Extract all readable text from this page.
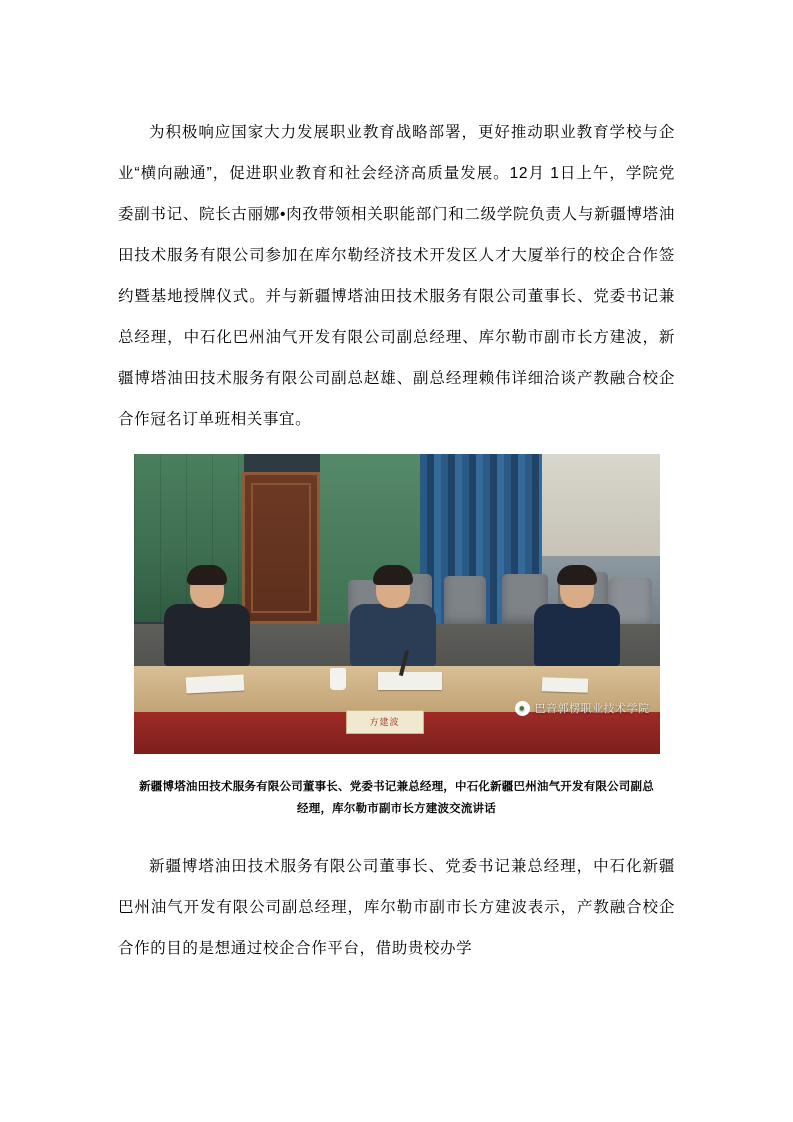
为积极响应国家大力发展职业教育战略部署，更好推动职业教育学校与企业“横向融通”，促进职业教育和社会经济高质量发展。12月 1日上午，学院党委副书记、院长古丽娜•肉孜带领相关职能部门和二级学院负责人与新疆博塔油田技术服务有限公司参加在库尔勒经济技术开发区人才大厦举行的校企合作签约暨基地授牌仪式。并与新疆博塔油田技术服务有限公司董事长、党委书记兼总经理，中石化巴州油气开发有限公司副总经理、库尔勒市副市长方建波，新疆博塔油田技术服务有限公司副总赵雄、副总经理赖伟详细洽谈产教融合校企合作冠名订单班相关事宜。

方建波
● 巴音郭楞职业技术学院
新疆博塔油田技术服务有限公司董事长、党委书记兼总经理，中石化新疆巴州油气开发有限公司副总经理，库尔勒市副市长方建波交流讲话

新疆博塔油田技术服务有限公司董事长、党委书记兼总经理，中石化新疆巴州油气开发有限公司副总经理，库尔勒市副市长方建波表示，产教融合校企合作的目的是想通过校企合作平台，借助贵校办学
